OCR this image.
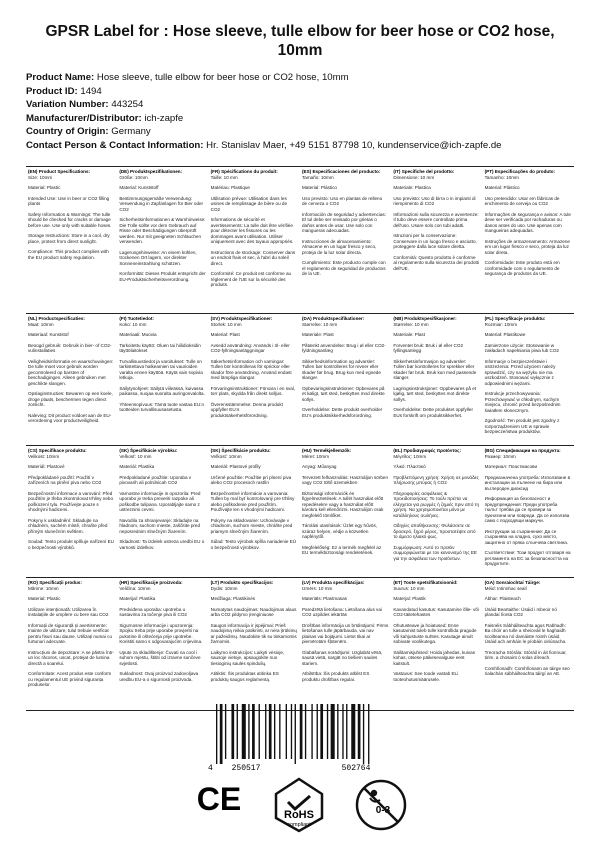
GPSR Label for : Hose sleeve, tulle elbow for beer hose or CO2 hose, 10mm
Product Name: Hose sleeve, tulle elbow for beer hose or CO2 hose, 10mm
Product ID: 1494
Variation Number: 443254
Manufacturer/Distributor: ich-zapfe
Country of Origin: Germany
Contact Person & Contact Information: Hr. Stanislav Maer, +49 5151 87798 10, kundenservice@ich-zapfe.de
(EN) Product Specifications:
Size: 10mm
Material: Plastic
Intended Use: Use in beer or CO2 filling plants
Safety Information & Warnings: The tulle should be checked for cracks or damage before use. Use only with suitable hoses.
Storage Instructions: Store in a cool, dry place, protect from direct sunlight.
Compliance: This product complies with the EU product safety regulation.
(DE) Produktspezifikationen:
Größe: 10mm
Material: Kunststoff
Bestimmungsgemäße Verwendung: Verwendung in Zapfanlagen für Bier oder CO2
Sicherheitsinformationen & Warnhinweise: Die Tülle sollte vor dem Gebrauch auf Risse oder Beschädigungen überprüft werden. Nur mit geeigneten Schläuchen verwenden.
Lagerungshinweise: An einem kühlen, trockenen Ort lagern, vor direkter Sonneneinstrahlung schützen.
Konformität: Dieses Produkt entspricht der EU-Produktsicherheitsverordnung.
(FR) Spécifications du produit:
Taille: 10 mm
Matériau: Plastique
Utilisation prévue: Utilisation dans les usines de remplissage de bière ou de CO2
Informations de sécurité et avertissements: La tulle doit être vérifiée pour détecter les fissures ou les dommages avant utilisation. Utiliser uniquement avec des tuyaux appropriés.
Instructions de stockage: Conserver dans un endroit frais et sec, à l'abri du soleil direct.
Conformité: Ce produit est conforme au règlement de l'UE sur la sécurité des produits.
(ES) Especificaciones del producto:
Tamaño: 10mm
Material: Plástico
Uso previsto: Uso en plantas de relleno de cerveza o CO2
Información de seguridad y advertencias: El tul debe ser revisado por grietas o daños antes de usar. Use solo con mangueras adecuadas.
Instrucciones de almacenamiento: Almacene en un lugar fresco y seco, proteja de la luz solar directa.
Cumplimiento: Este producto cumple con el reglamento de seguridad de productos de la UE.
(IT) Specifiche del prodotto:
Dimensione: 10 mm
Materiale: Plastica
Uso previsto: Uso di birra o in impianti di riempimento di CO2
Informazioni sulla sicurezza e avvertenze: Il tubo deve essere controllato prima dell'uso. Usare solo con tubi adatti.
Istruzioni per la conservazione: Conservare in un luogo fresco e asciutto, proteggere dalla luce solare diretta.
Conformità: Questo prodotto è conforme al regolamento sulla sicurezza dei prodotti dell'UE.
(PT) Especificações do produto:
Tamanho: 10mm
Material: Plástico
Uso pretendido: Usar em fábricas de enchimento de cerveja ou CO2
Informações de segurança e avisos: A tule deve ser verificada por rachaduras ou danos antes do uso. Use apenas com mangueiras adequadas.
Instruções de armazenamento: Armazene em um lugar fresco e seco, proteja da luz solar direta.
Conformidade: Este produto está em conformidade com o regulamento de segurança de produtos da UE.
(NL) Productspecificaties:
Maat: 10mm
Materiaal: Kunststof
Beoogd gebruik: Gebruik in bier- of CO2-vulinstallaties
Veiligheidsinformatie en waarschuwingen: De tulle moet voor gebruik worden gecontroleerd op barsten of beschadigingen. Alleen gebruiken met geschikte slangen.
Opslaginstructies: Bewaren op een koele, droge plaats, beschermen tegen direct zonlicht.
Naleving: Dit product voldoet aan de EU-verordening voor productveiligheid.
(FI) Tuotetiedot:
Koko: 10 mm
Materiaali: Muovia
Tarkoitettu käyttö: Oluen tai hiilidioksidin täyttölaitokset
Turvallisuustiedot ja varoitukset: Tulle on tarkistettava halkeamien tai vaurioiden varalta ennen käyttöä. Käytä vain sopivia letkuja.
Säilytysohjeet: Säilytä viileässä, kuivassa paikassa, suojaa suoralta auringonvalolta.
Yhteensopivuus: Tämä tuote vastaa EU:n tuotteiden turvallisuusasetusta.
(SV) Produktspecifikationer:
Storlek: 10 mm
Material: Plast
Avsedd användning: Används i öl- eller CO2-fyllningsanläggningar
Säkerhetsinformation och varningar: Tullen bör kontrolleras för sprickor eller skador före användning. Använd endast med lämpliga slangar.
Förvaringsinstruktioner: Förvara i en sval, torr plats, skydda från direkt solljus.
Överensstämmelse: Denna produkt uppfyller EU:s produktsäkerhetsförordning.
(DA) Produktspecifikationer:
Størrelse: 10 mm
Materiale: Plast
Påtænkt anvendelse: Brug i øl eller CO2-fyldningsanlæg
Sikkerhedsinformation og advarsler: Tullen bør kontrolleres for revner eller skader før brug. Brug kun med egnede slanger.
Opbevaringsinstruktioner: Opbevares på et køligt, tørt sted, beskyttes mod direkte sollys.
Overholdelse: Dette produkt overholder EU's produktsikkerhedsforordning.
(NB) Produktspesifikasjoner:
Størrelse: 10 mm
Materiale: Plast
Forventet bruk: Bruk i øl eller CO2 fyllingsanlegg
Sikkerhetsinformasjon og advarsler: Tullen bør kontrolleres for sprekker eller skader før bruk. Bruk kun med passende slanger.
Lagringsinstruksjoner: Oppbevares på et kjølig, tørt sted, beskyttes mot direkte sollys.
Overholdelse: Dette produktet oppfyller EUs forskrift om produktsikkerhet.
(PL) Specyfikacje produktu:
Rozmiar: 10mm
Materiał: Plastikowe
Zamierzone użycie: Stosowanie w zakładach napełniania piwa lub CO2
Informacje o bezpieczeństwie i ostrzeżenia: Przed użyciem należy sprawdzić, czy na wężyku nie ma uszkodzeń. Stosować wyłącznie z odpowiednimi wężami.
Instrukcje przechowywania: Przechowywać w chłodnym, suchym miejscu, chronić przed bezpośrednim światłem słonecznym.
Zgodność: Ten produkt jest zgodny z rozporządzeniem UE w sprawie bezpieczeństwa produktów.
(CS) Specifikace produktu:
Velikost: 10mm
Materiál: Plastové
Předpokládané použití: Použití v zařízeních na plnění piva nebo CO2
Bezpečnostní informace a varování: Před použitím je třeba zkontrolovat trhliny nebo poškození tylu. Používejte pouze s vhodnými hadicemi.
Pokyny k uskladnění: Skladujte na chladném, suchém místě, chraňte před přímým slunečním světlem.
Soulad: Tento produkt splňuje nařízení EU o bezpečnosti výrobků.
(SK) Špecifikácie výrobku:
Veľkosť: 10 mm
Materiál: Plastika
Predpokladané použitie: Uporaba v pivovarih ali polnilnicah CO2
Varnostne informacije in opozorila: Pred uporabo je treba preveriti razpoke ali poškodbe tulipana. Uporabljajte samo z ustreznimi cevmi.
Navodila za shranjevanje: Skladujte na hladnom, suchom mieste, zaščitite pred neposrednim slnečným žiarením.
Skladnost: Ta izdelek ustreza uredbi EU o varnosti izdelkov.
(SK) Špecifikácie produktu:
Veľkosť: 10mm
Materiál: Plastové profily
Určené použitie: Použitie pri plnení piva alebo CO2 procesoch rastlín
Bezpečnostné informácie a varovania: Tullen by mal byť kontrolovaný pre trhliny alebo poškodenie pred použitím. Používajte len s vhodnými hadicami.
Pokyny na skladovanie: Uchovávajte v chladnom, suchom mieste, chráňte pred priamym slnečným žiarením.
Súlad: Tento výrobok spĺňa nariadenie EÚ o bezpečnosti výrobkov.
(HU) Termékjellemzők:
Méret: 10mm
Anyag: Műanyag
Tervezett felhasználás: Használjon sörben vagy CO2 töltő üzemekben
Biztonsági információk és figyelmeztetések: A tullét használat előtt repedésekre vagy a használat előtt károkra kell ellenőrizni. Használjon csak megfelelő tömlőket.
Tárolási utasítások: Üzlet egy hűvös, száraz helyen, védje a közvetlen napfénytől.
Megfelelőség: Ez a termék megfelel az EU termékbiztonsági rendeletének.
(EL) Προδιαγραφές προϊόντος:
Μέγεθος: 10mm
Υλικό: Πλαστικό
Προβλεπόμενη χρήση: Χρήση σε μονάδες πλήρωσης μπύρας ή CO2
Πληροφορίες ασφάλειας & προειδοποιήσεις: Το τούλι πρέπει να ελέγχεται για ρωγμές ή ζημιές πριν από τη χρήση. Να χρησιμοποιείται μόνο με κατάλληλους σωλήνες.
Οδηγίες αποθήκευσης: Φυλάσσετε σε δροσερό, ξηρό μέρος, προστατέψτε από το άμεσο ηλιακό φως.
Συμμόρφωση: Αυτό το προϊόν συμμορφώνεται με τον κανονισμό της ΕΕ για την ασφάλεια των προϊόντων.
(BG) Спецификации на продукта:
Размер: 10mm
Материал: Пластмасови
Предназначена употреба: Използване в инсталации за пълнене на бира или въглероден диоксид
Информация за безопасност и предупреждения: Преди употреба тюлът трябва да се провери за пукнатини или повреди. Да се използва само с подходящи маркучи.
Инструкции за съхранение: Да се съхранява на хладно, сухо място, защитено от пряка слънчева светлина.
Съответствие: Този продукт отговаря на регламента на ЕС за безопасността на продуктите.
(RO) Specificații produs:
Mărime: 10mm
Material: Plastic
Utilizare intenționată: Utilizarea în instalațiile de umplere cu bere sau CO2
Informații de siguranță și avertismente: Inainte de utilizare, tulul trebuie verificat pentru fisuri sau daune. Utilizați numai cu furtunuri adecvate.
Instrucțiuni de depozitare: A se păstra într-un loc răcoros, uscat, protejat de lumina directă a soarelui.
Conformitate: Acest produs este conform cu regulamentul UE privind siguranța produselor.
(HR) Specifikacije proizvoda:
Veličina: 10mm
Materijal: Plastika
Predviđena uporaba: upotreba u sustavima za točenje piva ili CO2
Sigurnosne informacije i upozorenja: Spojku treba prije uporabe provjeriti na pukotine ili oštećenja prije upotrebe. Koristiti samo s odgovarajućim crijevima.
Upute za skladištenje: Čuvati na cool i suhom mjestu, štititi od izravne sunčeve svjetlosti.
Sukladnost: Ovaj proizvod zadovoljava uredbu EU-a o sigurnosti proizvoda.
(LT) Produkto specifikacijos:
Dydis: 10mm
Medžiaga: Plastikinės
Numatytas naudojimas: Naudojimas alaus arba CO2 pildymo įrenginiuose
Saugos informacija ir įspėjimai: Prieš naudojimą reikia patikrinti, ar nėra įtrūkimų ar pažeidimų. Naudokite tik su tinkamomis žarnomis.
Laikymo instrukcijos: Laikyti vėsioje, sausoje vietoje, apsaugokite nuo tiesioginių saulės spindulių.
Atitiktis: Šis produktas atitinka ES produktų saugos reglamentą.
(LV) Produkta specifikācijas:
Izmērs: 10 mm
Materiāls: Plastmasas
Paredzētā lietošana: Lietošana alus vai CO2 uzpildes iekārtās
Drošības informācija un brīdinājumi: Pirms lietošanas tulle jāpārbauda, vai nav plaisas vai bojājumi. Lietot tikai ar piemērotām šļūtenēm.
Glabāšanas norādījumi: Uzglabāt vēsā, sausā vietā, sargāt no tiešiem saules stariem.
Atbilstība: Šis produkts atbilst ES produktu drošības regulai.
(ET) Toote spetsifikatsioonid:
Suurus: 10 mm
Materjal: Plastik
Kavandatud kasutus: Kasutamine õlle- või CO2-täitetehastes
Ohutusteave ja hoiatused: Enne kasutamist tuleb tulle kontrollida pragude või kahjustuste suhtes. Kasutage ainult sobivate voolikutega.
Säilitamisjuhised: Hoida jahedas, kuivas kohas, otsese päikesevalguse eest kaitstult.
Vastavus: See toode vastab ELi tooteohutusmäärusele.
(GA) Sonraíochtaí Táirge:
Méid: Intinnhac sealí
Ábhar: Plaisteach
Úsáid Beartaithe: Úsáid i mbeoir nó plandaí líonta CO2
Faisnéis Sábháilteachta agus Rabhadh: Ba chóir an tulle a sheiceáil le haghaidh scoilteanna nó damáiste roimh úsáid. Úsáid ach amháin le píobáin oiriúnacha.
Treoracha Stórála: Stóráil in áit fionnuar, tirim, a chosaint ó solas díreach.
Comhlíonadh: Comhlíonann an táirge seo rialachán sábháilteachta táirgí an AE.
4 250517	502764
CE	RoHS
compliant
0-3
